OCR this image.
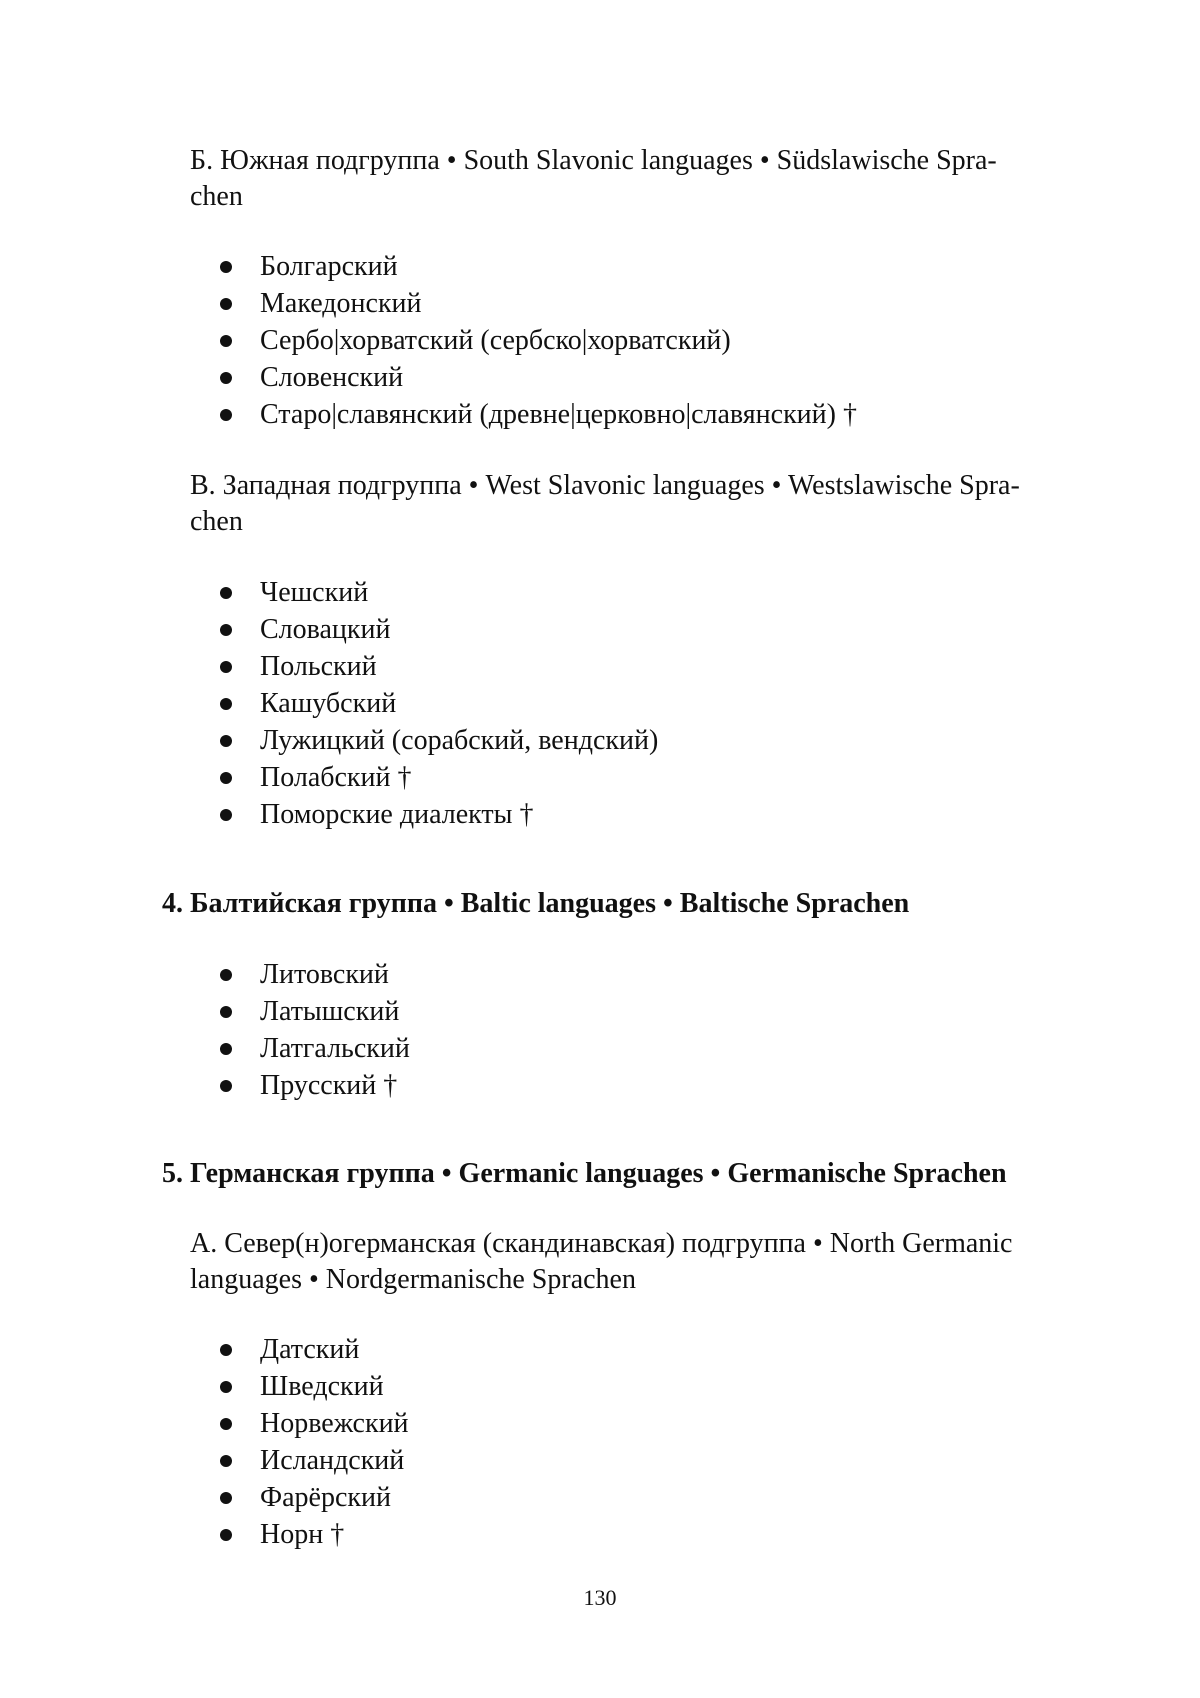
Б. Южная подгруппа • South Slavonic languages • Südslawische Spra-
chen

Болгарский
Македонский
Сербо|хорватский (сербско|хорватский)
Словенский
Старо|славянский (древне|церковно|славянский) †

В. Западная подгруппа • West Slavonic languages • Westslawische Spra-
chen

Чешский
Словацкий
Польский
Кашубский
Лужицкий (сорабский, вендский)
Полабский †
Поморские диалекты †

4. Балтийская группа • Baltic languages • Baltische Sprachen

Литовский
Латышский
Латгальский
Прусский †

5. Германская группа • Germanic languages • Germanische Sprachen

А. Север(н)огерманская (скандинавская) подгруппа • North Germanic
languages • Nordgermanische Sprachen

Датский
Шведский
Норвежский
Исландский
Фарёрский
Норн †
130
